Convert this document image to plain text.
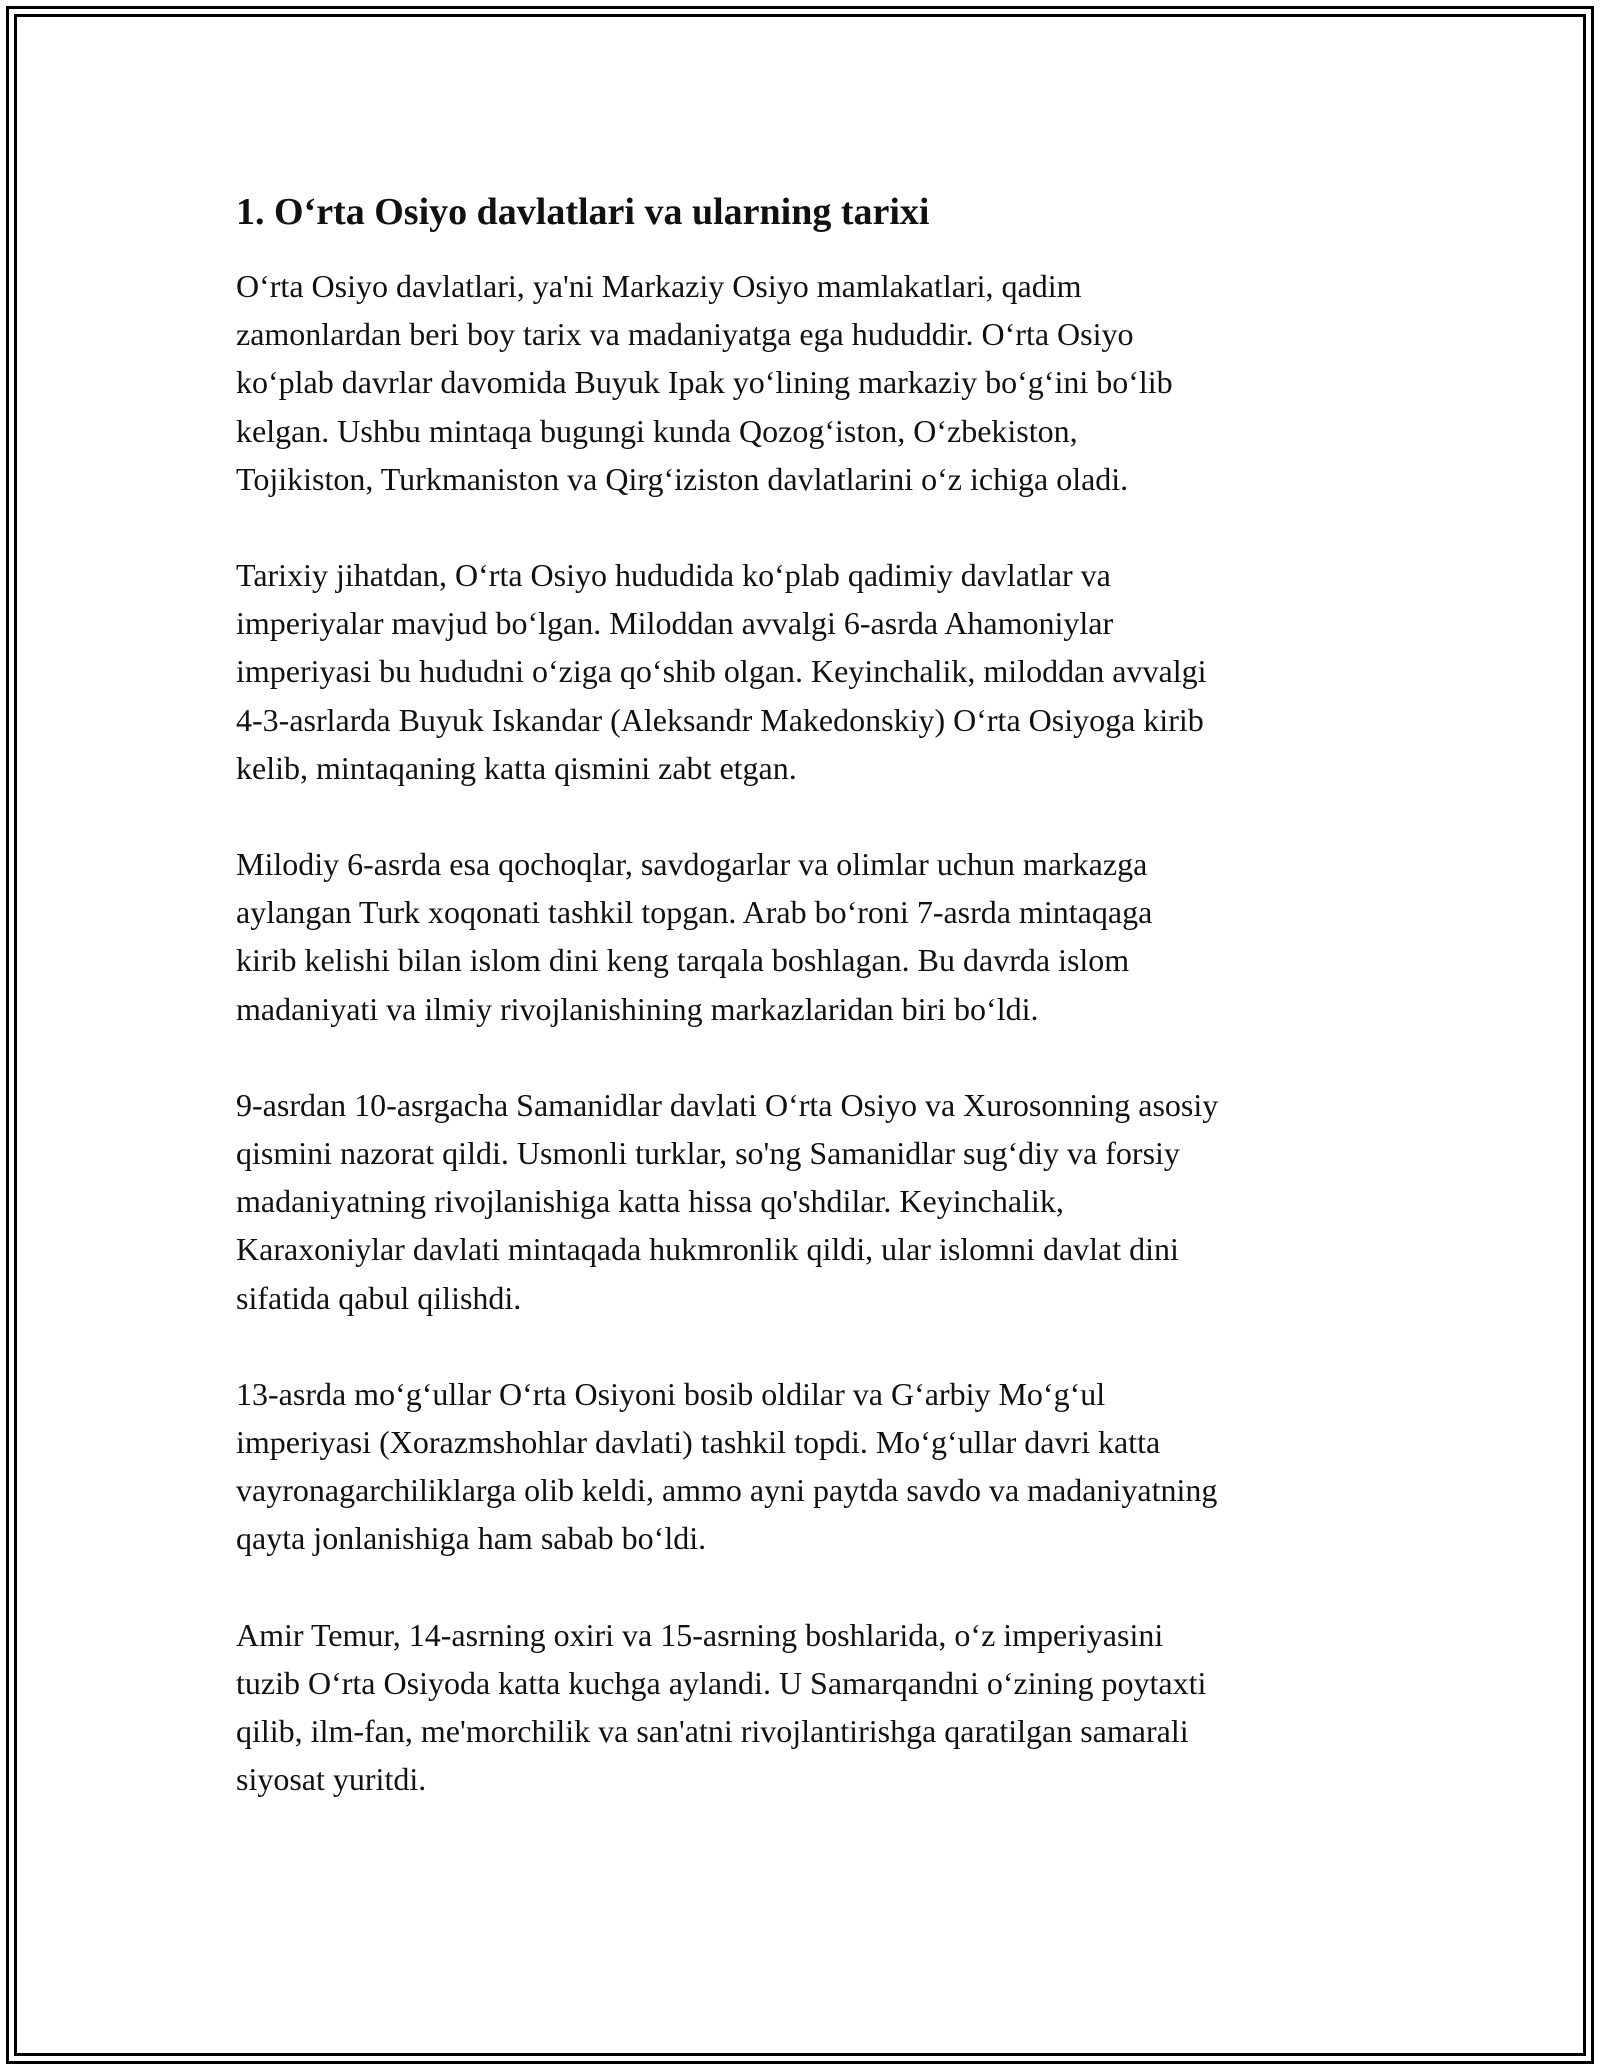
1. O‘rta Osiyo davlatlari va ularning tarixi

O‘rta Osiyo davlatlari, ya'ni Markaziy Osiyo mamlakatlari, qadim
zamonlardan beri boy tarix va madaniyatga ega hududdir. O‘rta Osiyo
ko‘plab davrlar davomida Buyuk Ipak yo‘lining markaziy bo‘g‘ini bo‘lib
kelgan. Ushbu mintaqa bugungi kunda Qozog‘iston, O‘zbekiston,
Tojikiston, Turkmaniston va Qirg‘iziston davlatlarini o‘z ichiga oladi.

Tarixiy jihatdan, O‘rta Osiyo hududida ko‘plab qadimiy davlatlar va
imperiyalar mavjud bo‘lgan. Miloddan avvalgi 6-asrda Ahamoniylar
imperiyasi bu hududni o‘ziga qo‘shib olgan. Keyinchalik, miloddan avvalgi
4-3-asrlarda Buyuk Iskandar (Aleksandr Makedonskiy) O‘rta Osiyoga kirib
kelib, mintaqaning katta qismini zabt etgan.

Milodiy 6-asrda esa qochoqlar, savdogarlar va olimlar uchun markazga
aylangan Turk xoqonati tashkil topgan. Arab bo‘roni 7-asrda mintaqaga
kirib kelishi bilan islom dini keng tarqala boshlagan. Bu davrda islom
madaniyati va ilmiy rivojlanishining markazlaridan biri bo‘ldi.

9-asrdan 10-asrgacha Samanidlar davlati O‘rta Osiyo va Xurosonning asosiy
qismini nazorat qildi. Usmonli turklar, so'ng Samanidlar sug‘diy va forsiy
madaniyatning rivojlanishiga katta hissa qo'shdilar. Keyinchalik,
Karaxoniylar davlati mintaqada hukmronlik qildi, ular islomni davlat dini
sifatida qabul qilishdi.

13-asrda mo‘g‘ullar O‘rta Osiyoni bosib oldilar va G‘arbiy Mo‘g‘ul
imperiyasi (Xorazmshohlar davlati) tashkil topdi. Mo‘g‘ullar davri katta
vayronagarchiliklarga olib keldi, ammo ayni paytda savdo va madaniyatning
qayta jonlanishiga ham sabab bo‘ldi.

Amir Temur, 14-asrning oxiri va 15-asrning boshlarida, o‘z imperiyasini
tuzib O‘rta Osiyoda katta kuchga aylandi. U Samarqandni o‘zining poytaxti
qilib, ilm-fan, me'morchilik va san'atni rivojlantirishga qaratilgan samarali
siyosat yuritdi.
